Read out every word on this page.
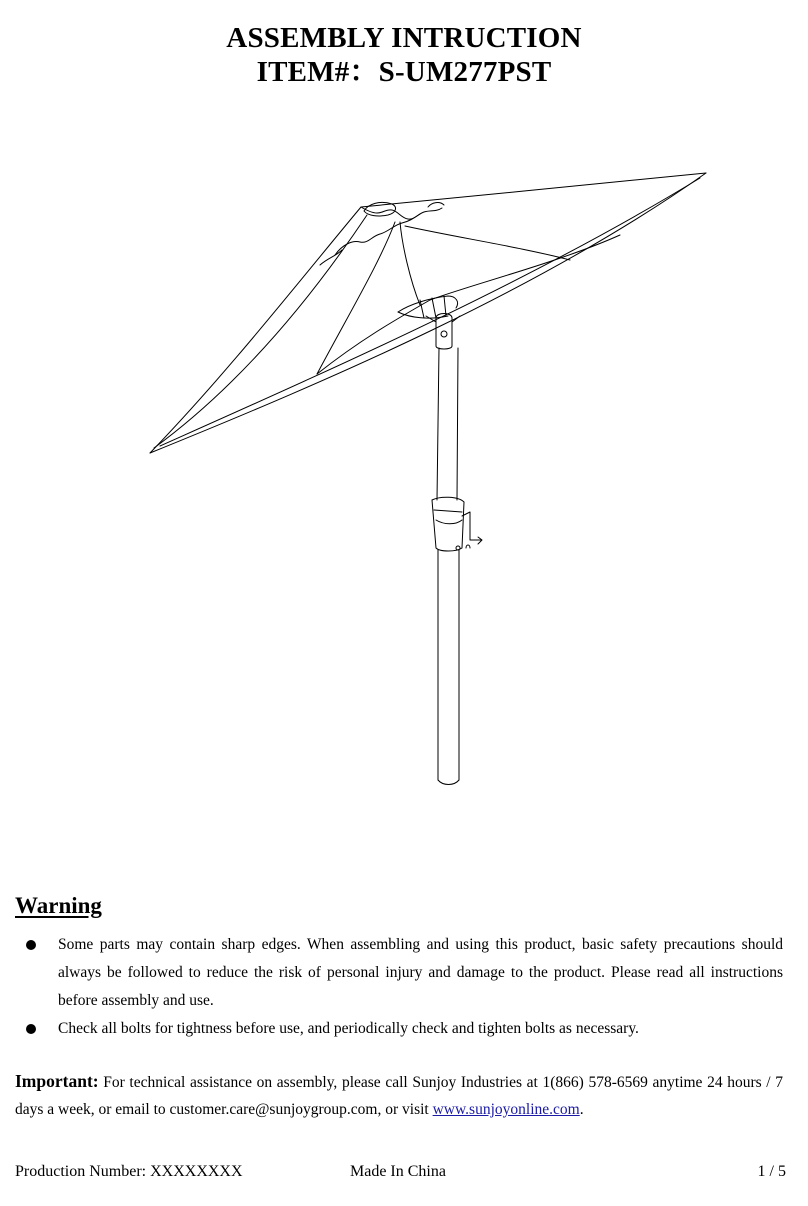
ASSEMBLY INTRUCTION
ITEM#：S-UM277PST
Warning
Some parts may contain sharp edges. When assembling and using this product, basic safety precautions should always be followed to reduce the risk of personal injury and damage to the product. Please read all instructions before assembly and use.
Check all bolts for tightness before use, and periodically check and tighten bolts as necessary.
Important: For technical assistance on assembly, please call Sunjoy Industries at 1(866) 578-6569 anytime 24 hours / 7 days a week, or email to customer.care@sunjoygroup.com, or visit www.sunjoyonline.com.
Production Number: XXXXXXXX	Made In China	1 / 5
